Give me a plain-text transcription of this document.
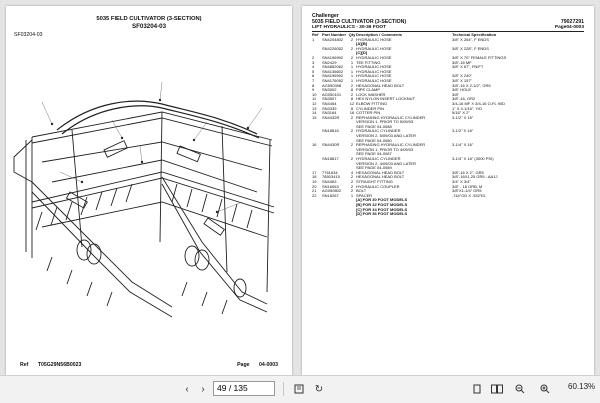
5035 FIELD CULTIVATOR (3-SECTION)
SF03204-03
SF03204-03
Ref T05G29N56B0023	Page 04-0003
Challenger
5035 FIELD CULTIVATOR (3-SECTION)	79027291
LIFT HYDRAULICS - 30-36 FOOT	Page04-0003
Ref Part Number Qty Description / Comments	Technical Specification
1	SN4204802	2 HYDRAULIC HOSE	3/8" X 264", F ENDS
[A][B]
SN4226052	2 HYDRAULIC HOSE	3/8" X 228", F ENDS
[C][D]
2	SN4196992	2 HYDRAULIC HOSE	3/8" X 70" FEMALE FITTINGS
3	SN2429	1 TEE FITTING	3/8"-16 MF
4	SN4852062	1 HYDRAULIC HOSE	3/8" X 67", FN/FT
5	SN4136602	1 HYDRAULIC HOSE
6	SN4196992	1 HYDRAULIC HOSE	3/8" X 240"
7	SN4176092	1 HYDRAULIC HOSE	3/8" X 157"
8	AG590398	2 HEXAGONAL HEAD BOLT	3/8"-16 X 2-1/2", GR5
9	SN3002	8 PIPE CLAMP	3/8" HOLE
10	AG050101	2 LOCK WASHER	3/8"
11	SN3507	8 HEX NYLON INSERT LOCKNUT	3/8"-16, GR2
12	SN4454	12 ELBOW FITTING	3/4-16 MF X 3/4-16 O-FL 90D
13	SN3339	8 CYLINDER PIN	1" X 4-1/16", Y/D
14	SN3164	16 COTTER PIN	5/16" X 2"
15	SN4432R	2 REPHASING HYDRAULIC CYLINDER	3-1/2" X 16"
VERSION 1, PRIOR TO 5/09/03
SEE PAGE 04-0088
SN18816	2 HYDRAULIC CYLINDER	3-1/2" X 16"
VERSION 2, 5/09/03 AND LATER
SEE PAGE 04-0080
16	SN4430R	2 REPHASING HYDRAULIC CYLINDER	3-1/4" X 16"
VERSION 1, PRIOR TO 4/09/03
SEE PAGE 04-0087
SN18817	2 HYDRAULIC CYLINDER	3-1/4" X 16" (3000 PSI)
VERSION 2, 4/09/03 AND LATER
SEE PAGE 04-0089
17	7761634	4 HEXAGONAL HEAD BOLT	3/8"-16 X 2", GR5
18	78503415	2 HEXAGONAL HEAD BOLT	3/8"-16X1.25 GR5 - AA1J
19	SN4463	2 STRAIGHT FITTING	3/4" X 3/4"
20	SN16063	2 HYDRAULIC COUPLER	3/8" - 16 ORB, M
21	AG050802	2 BOLT	3/8"X1-1/4" GR5
22	SN18267	1 SPACER	.744"OD X .532"ID,
[A] FOR 30 FOOT MODELS
[B] FOR 32 FOOT MODELS
[C] FOR 34 FOOT MODELS
[D] FOR 36 FOOT MODELS
‹	›
49 / 135	↻	60.13%
